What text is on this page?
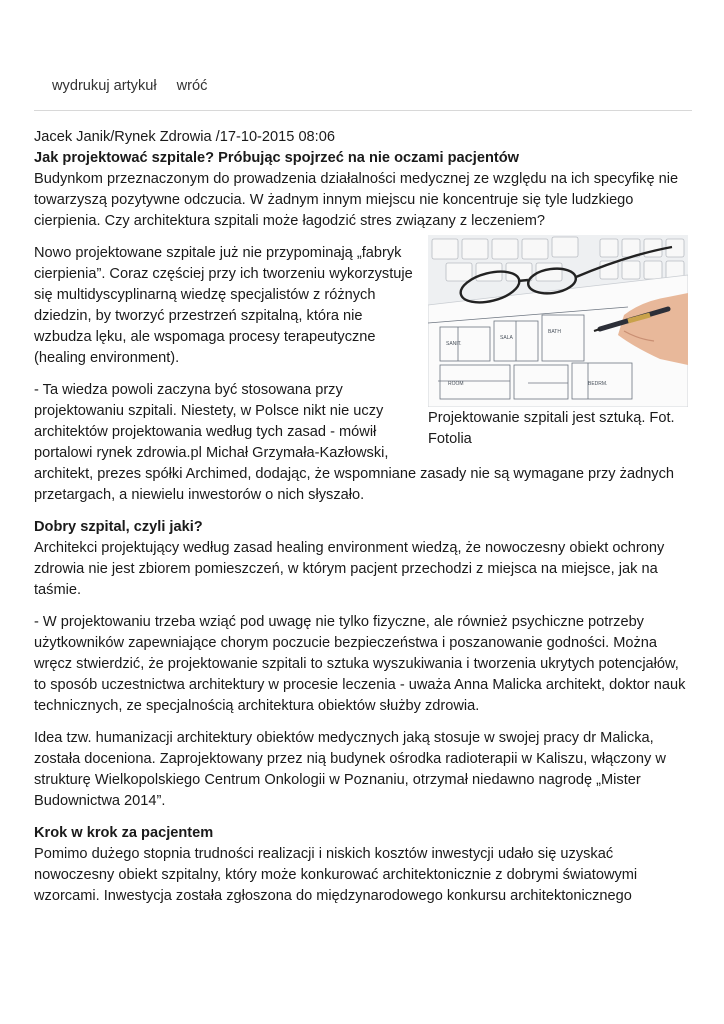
wydrukuj artykuł wróć
Jacek Janik/Rynek Zdrowia /17-10-2015 08:06
Jak projektować szpitale? Próbując spojrzeć na nie oczami pacjentów

Budynkom przeznaczonym do prowadzenia działalności medycznej ze względu na ich specyfikę nie towarzyszą pozytywne odczucia. W żadnym innym miejscu nie koncentruje się tyle ludzkiego cierpienia. Czy architektura szpitali może łagodzić stres związany z leczeniem?

SANIT.
SALA
BATH
BEDRM.
ROOM
Projektowanie szpitali jest sztuką. Fot. Fotolia

Nowo projektowane szpitale już nie przypominają „fabryk cierpienia”. Coraz częściej przy ich tworzeniu wykorzystuje się multidyscyplinarną wiedzę specjalistów z różnych dziedzin, by tworzyć przestrzeń szpitalną, która nie wzbudza lęku, ale wspomaga procesy terapeutyczne (healing environment).

- Ta wiedza powoli zaczyna być stosowana przy projektowaniu szpitali. Niestety, w Polsce nikt nie uczy architektów projektowania według tych zasad - mówił portalowi rynek zdrowia.pl Michał Grzymała-Kazłowski, architekt, prezes spółki Archimed, dodając, że wspomniane zasady nie są wymagane przy żadnych przetargach, a niewielu inwestorów o nich słyszało.

Dobry szpital, czyli jaki?

Architekci projektujący według zasad healing environment wiedzą, że nowoczesny obiekt ochrony zdrowia nie jest zbiorem pomieszczeń, w którym pacjent przechodzi z miejsca na miejsce, jak na taśmie.

- W projektowaniu trzeba wziąć pod uwagę nie tylko fizyczne, ale również psychiczne potrzeby użytkowników zapewniające chorym poczucie bezpieczeństwa i poszanowanie godności. Można wręcz stwierdzić, że projektowanie szpitali to sztuka wyszukiwania i tworzenia ukrytych potencjałów, to sposób uczestnictwa architektury w procesie leczenia - uważa Anna Malicka architekt, doktor nauk technicznych, ze specjalnością architektura obiektów służby zdrowia.

Idea tzw. humanizacji architektury obiektów medycznych jaką stosuje w swojej pracy dr Malicka, została doceniona. Zaprojektowany przez nią budynek ośrodka radioterapii w Kaliszu, włączony w strukturę Wielkopolskiego Centrum Onkologii w Poznaniu, otrzymał niedawno nagrodę „Mister Budownictwa 2014”.

Krok w krok za pacjentem

Pomimo dużego stopnia trudności realizacji i niskich kosztów inwestycji udało się uzyskać nowoczesny obiekt szpitalny, który może konkurować architektonicznie z dobrymi światowymi wzorcami. Inwestycja została zgłoszona do międzynarodowego konkursu architektonicznego
